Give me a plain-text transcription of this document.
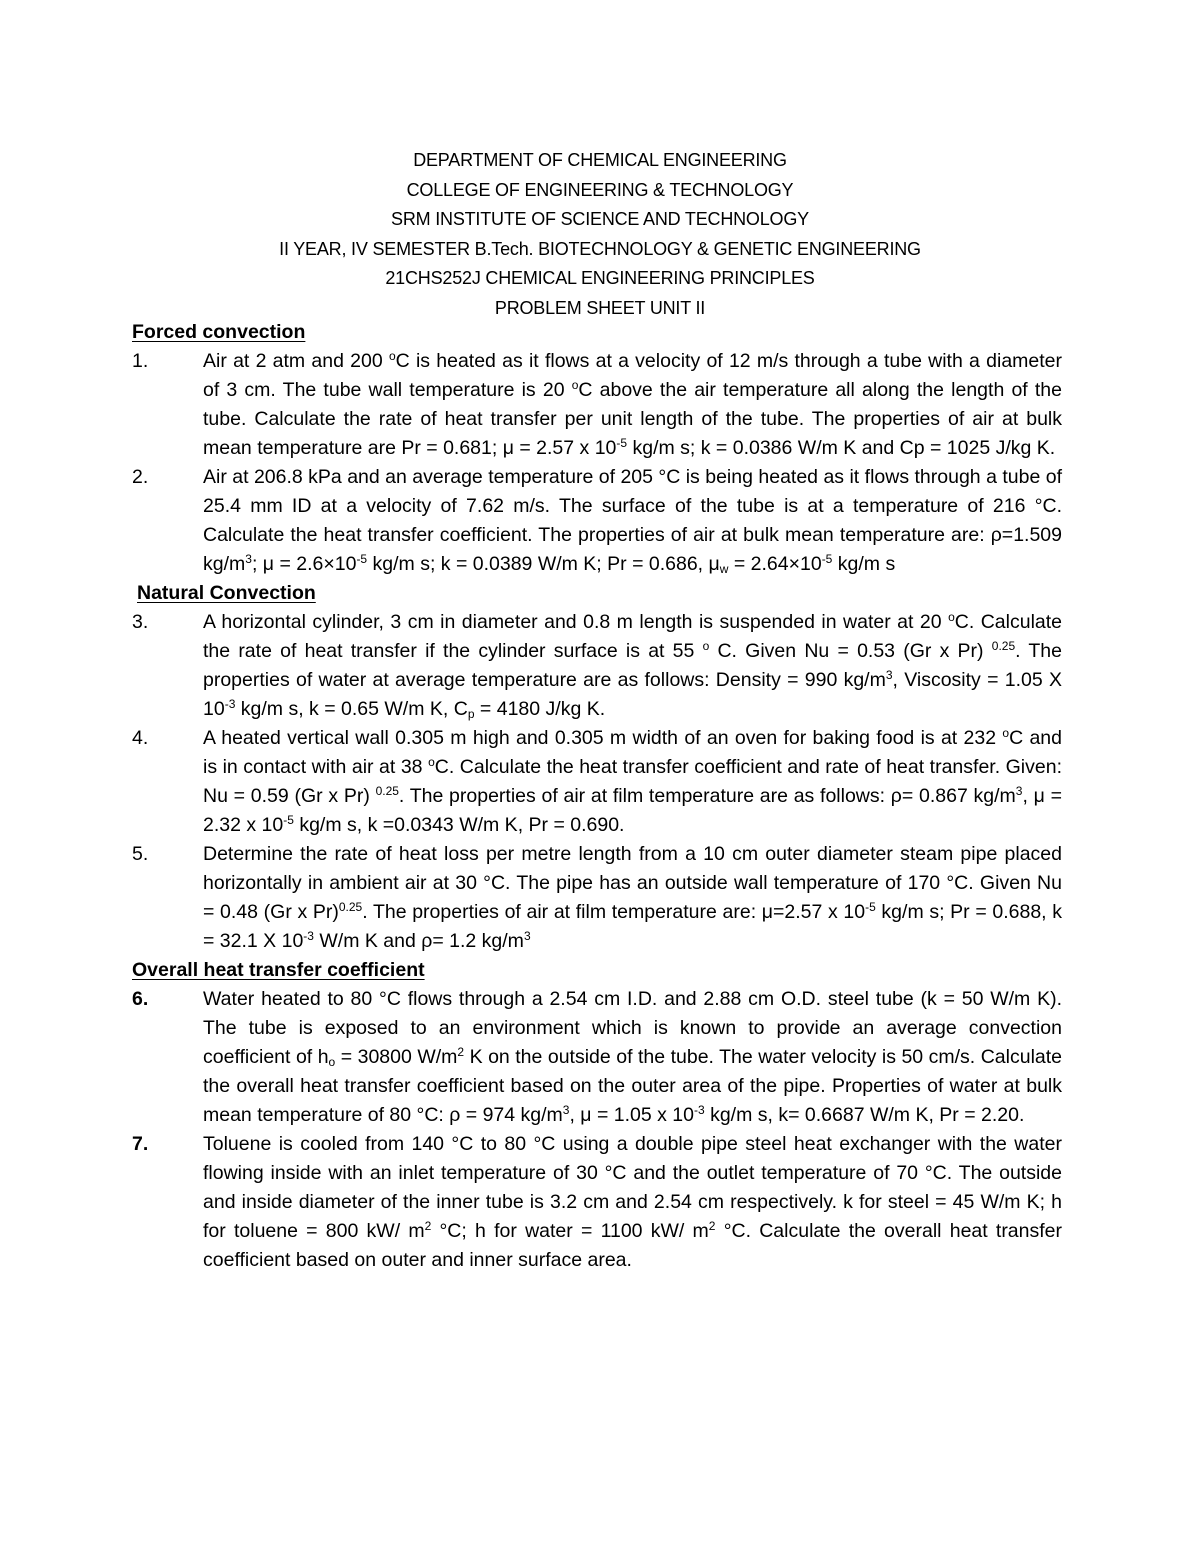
DEPARTMENT OF CHEMICAL ENGINEERING
COLLEGE OF ENGINEERING & TECHNOLOGY
SRM INSTITUTE OF SCIENCE AND TECHNOLOGY
II YEAR, IV SEMESTER B.Tech. BIOTECHNOLOGY & GENETIC ENGINEERING
21CHS252J CHEMICAL ENGINEERING PRINCIPLES
PROBLEM SHEET UNIT II
Forced convection
1.	Air at 2 atm and 200 $^o$C is heated as it flows at a velocity of 12 m/s through a tube with a diameter of 3 cm. The tube wall temperature is 20 $^o$C above the air temperature all along the length of the tube. Calculate the rate of heat transfer per unit length of the tube. The properties of air at bulk mean temperature are Pr = 0.681; μ = 2.57 x $10^{-5}$ kg/m s; k = 0.0386 W/m K and Cp = 1025 J/kg K.
2.	Air at 206.8 kPa and an average temperature of 205 °C is being heated as it flows through a tube of 25.4 mm ID at a velocity of 7.62 m/s. The surface of the tube is at a temperature of 216 °C. Calculate the heat transfer coefficient. The properties of air at bulk mean temperature are: ρ=1.509 $kg/m^3$; $\mu = 2.6\times 10^{-5}$ kg/m s; k = 0.0389 W/m K; Pr = 0.686, $\mu_w = 2.64\times 10^{-5}$ kg/m s
Natural Convection
3.	A horizontal cylinder, 3 cm in diameter and 0.8 m length is suspended in water at 20 $^o$C. Calculate the rate of heat transfer if the cylinder surface is at 55 $^o$ C. Given Nu = 0.53 (Gr x Pr) $^{0.25}$. The properties of water at average temperature are as follows: Density = 990 $kg/m^3$, Viscosity = 1.05 X $10^{-3}$ kg/m s, k = 0.65 W/m K, $C_p = 4180$ J/kg K.
4.	A heated vertical wall 0.305 m high and 0.305 m width of an oven for baking food is at 232 $^o$C and is in contact with air at 38 $^o$C. Calculate the heat transfer coefficient and rate of heat transfer. Given: Nu = 0.59 (Gr x Pr) $^{0.25}$. The properties of air at film temperature are as follows: ρ= 0.867 $kg/m^3$, μ = 2.32 x $10^{-5}$ kg/m s, k =0.0343 W/m K, Pr = 0.690.
5.	Determine the rate of heat loss per metre length from a 10 cm outer diameter steam pipe placed horizontally in ambient air at 30 °C. The pipe has an outside wall temperature of 170 °C. Given Nu = 0.48 (Gr x Pr)$^{0.25}$. The properties of air at film temperature are: μ=2.57 x $10^{-5}$ kg/m s; Pr = 0.688, k = 32.1 X $10^{-3}$ W/m K and ρ= 1.2 $kg/m^3$
Overall heat transfer coefficient
6.	Water heated to 80 °C flows through a 2.54 cm I.D. and 2.88 cm O.D. steel tube (k = 50 W/m K). The tube is exposed to an environment which is known to provide an average convection coefficient of $h_o = 30800$ $W/m^2$ K on the outside of the tube. The water velocity is 50 cm/s. Calculate the overall heat transfer coefficient based on the outer area of the pipe. Properties of water at bulk mean temperature of 80 °C: ρ = 974 $kg/m^3$, μ = 1.05 x $10^{-3}$ kg/m s, k= 0.6687 W/m K, Pr = 2.20.
7.	Toluene is cooled from 140 °C to 80 °C using a double pipe steel heat exchanger with the water flowing inside with an inlet temperature of 30 °C and the outlet temperature of 70 °C. The outside and inside diameter of the inner tube is 3.2 cm and 2.54 cm respectively. k for steel = 45 W/m K; h for toluene = 800 kW/ $m^2$ °C; h for water = 1100 kW/ $m^2$ °C. Calculate the overall heat transfer coefficient based on outer and inner surface area.
